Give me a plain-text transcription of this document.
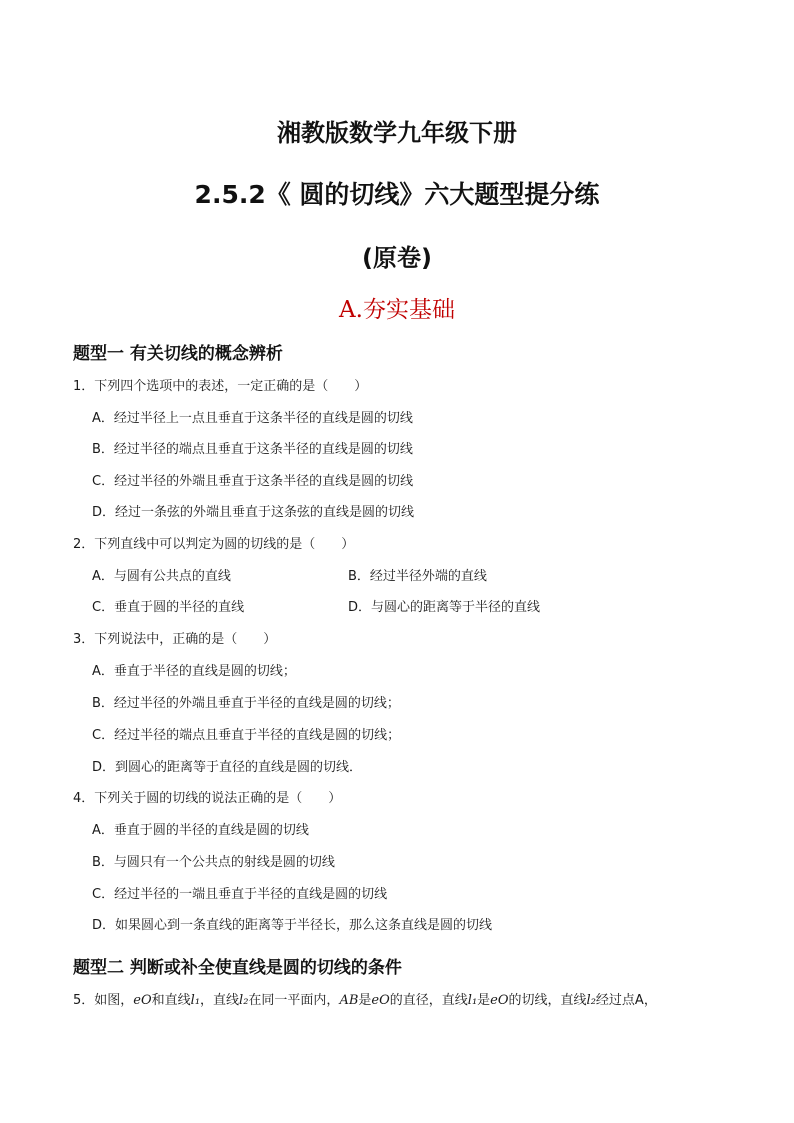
湘教版数学九年级下册
2.5.2《 圆的切线》六大题型提分练
(原卷)
A.夯实基础
题型一 有关切线的概念辨析
1．下列四个选项中的表述，一定正确的是（　　）
A．经过半径上一点且垂直于这条半径的直线是圆的切线
B．经过半径的端点且垂直于这条半径的直线是圆的切线
C．经过半径的外端且垂直于这条半径的直线是圆的切线
D．经过一条弦的外端且垂直于这条弦的直线是圆的切线
2．下列直线中可以判定为圆的切线的是（　　）
A．与圆有公共点的直线	B．经过半径外端的直线
C．垂直于圆的半径的直线	D．与圆心的距离等于半径的直线
3．下列说法中，正确的是（　　）
A．垂直于半径的直线是圆的切线；
B．经过半径的外端且垂直于半径的直线是圆的切线；
C．经过半径的端点且垂直于半径的直线是圆的切线；
D．到圆心的距离等于直径的直线是圆的切线．
4．下列关于圆的切线的说法正确的是（　　）
A．垂直于圆的半径的直线是圆的切线
B．与圆只有一个公共点的射线是圆的切线
C．经过半径的一端且垂直于半径的直线是圆的切线
D．如果圆心到一条直线的距离等于半径长，那么这条直线是圆的切线
题型二 判断或补全使直线是圆的切线的条件
5．如图，eO和直线l₁，直线l₂在同一平面内，AB是eO的直径，直线l₁是eO的切线，直线l₂经过点A，
